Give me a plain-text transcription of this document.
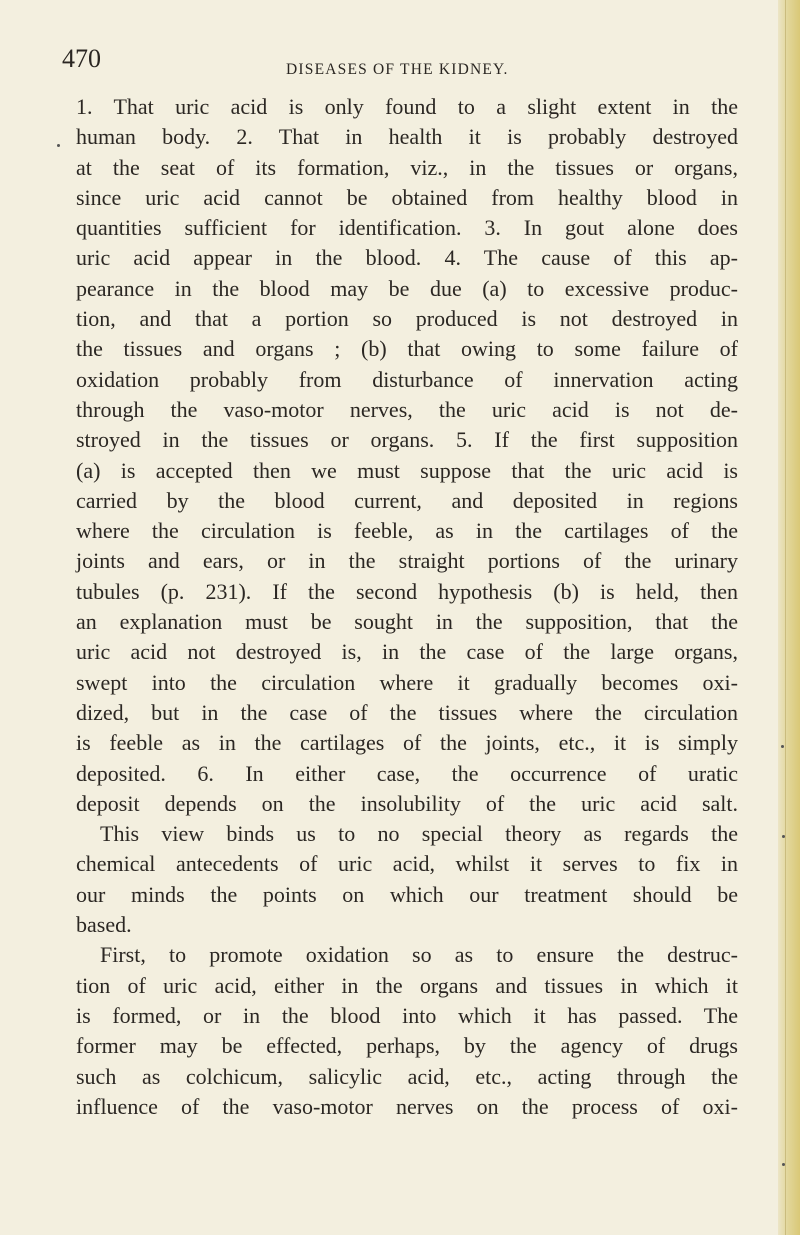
470	DISEASES OF THE KIDNEY.
1. That uric acid is only found to a slight extent in the
human body. 2. That in health it is probably destroyed
at the seat of its formation, viz., in the tissues or organs,
since uric acid cannot be obtained from healthy blood in
quantities sufficient for identification. 3. In gout alone does
uric acid appear in the blood. 4. The cause of this ap-
pearance in the blood may be due (a) to excessive produc-
tion, and that a portion so produced is not destroyed in
the tissues and organs ; (b) that owing to some failure of
oxidation probably from disturbance of innervation acting
through the vaso-motor nerves, the uric acid is not de-
stroyed in the tissues or organs. 5. If the first supposition
(a) is accepted then we must suppose that the uric acid is
carried by the blood current, and deposited in regions
where the circulation is feeble, as in the cartilages of the
joints and ears, or in the straight portions of the urinary
tubules (p. 231). If the second hypothesis (b) is held, then
an explanation must be sought in the supposition, that the
uric acid not destroyed is, in the case of the large organs,
swept into the circulation where it gradually becomes oxi-
dized, but in the case of the tissues where the circulation
is feeble as in the cartilages of the joints, etc., it is simply
deposited. 6. In either case, the occurrence of uratic
deposit depends on the insolubility of the uric acid salt.
This view binds us to no special theory as regards the
chemical antecedents of uric acid, whilst it serves to fix in
our minds the points on which our treatment should be
based.
First, to promote oxidation so as to ensure the destruc-
tion of uric acid, either in the organs and tissues in which it
is formed, or in the blood into which it has passed. The
former may be effected, perhaps, by the agency of drugs
such as colchicum, salicylic acid, etc., acting through the
influence of the vaso-motor nerves on the process of oxi-
